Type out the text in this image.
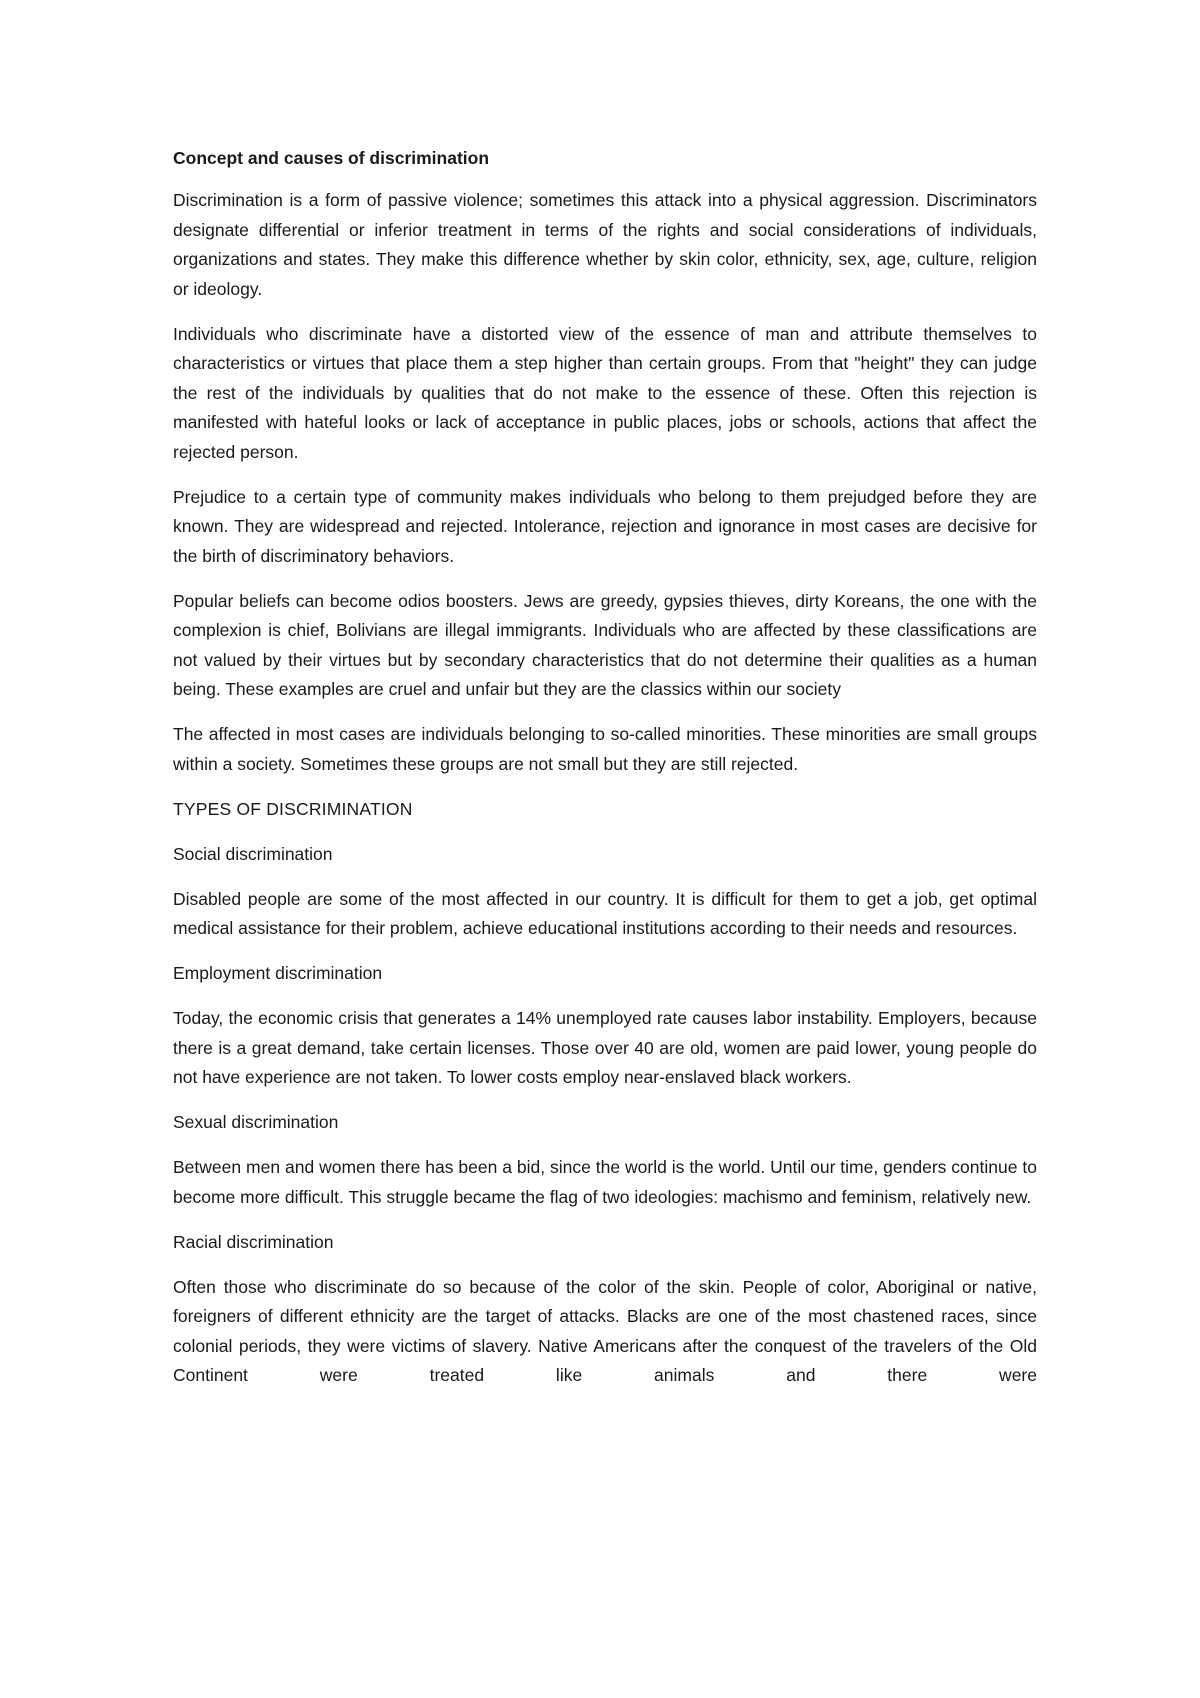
Concept and causes of discrimination

Discrimination is a form of passive violence; sometimes this attack into a physical aggression. Discriminators designate differential or inferior treatment in terms of the rights and social considerations of individuals, organizations and states. They make this difference whether by skin color, ethnicity, sex, age, culture, religion or ideology.

Individuals who discriminate have a distorted view of the essence of man and attribute themselves to characteristics or virtues that place them a step higher than certain groups. From that "height" they can judge the rest of the individuals by qualities that do not make to the essence of these. Often this rejection is manifested with hateful looks or lack of acceptance in public places, jobs or schools, actions that affect the rejected person.

Prejudice to a certain type of community makes individuals who belong to them prejudged before they are known. They are widespread and rejected. Intolerance, rejection and ignorance in most cases are decisive for the birth of discriminatory behaviors.

Popular beliefs can become odios boosters. Jews are greedy, gypsies thieves, dirty Koreans, the one with the complexion is chief, Bolivians are illegal immigrants. Individuals who are affected by these classifications are not valued by their virtues but by secondary characteristics that do not determine their qualities as a human being. These examples are cruel and unfair but they are the classics within our society

The affected in most cases are individuals belonging to so-called minorities. These minorities are small groups within a society. Sometimes these groups are not small but they are still rejected.

TYPES OF DISCRIMINATION
Social discrimination

Disabled people are some of the most affected in our country. It is difficult for them to get a job, get optimal medical assistance for their problem, achieve educational institutions according to their needs and resources.

Employment discrimination

Today, the economic crisis that generates a 14% unemployed rate causes labor instability. Employers, because there is a great demand, take certain licenses. Those over 40 are old, women are paid lower, young people do not have experience are not taken. To lower costs employ near-enslaved black workers.

Sexual discrimination

Between men and women there has been a bid, since the world is the world. Until our time, genders continue to become more difficult. This struggle became the flag of two ideologies: machismo and feminism, relatively new.

Racial discrimination

Often those who discriminate do so because of the color of the skin. People of color, Aboriginal or native, foreigners of different ethnicity are the target of attacks. Blacks are one of the most chastened races, since colonial periods, they were victims of slavery. Native Americans after the conquest of the travelers of the Old Continent were treated like animals and there were
